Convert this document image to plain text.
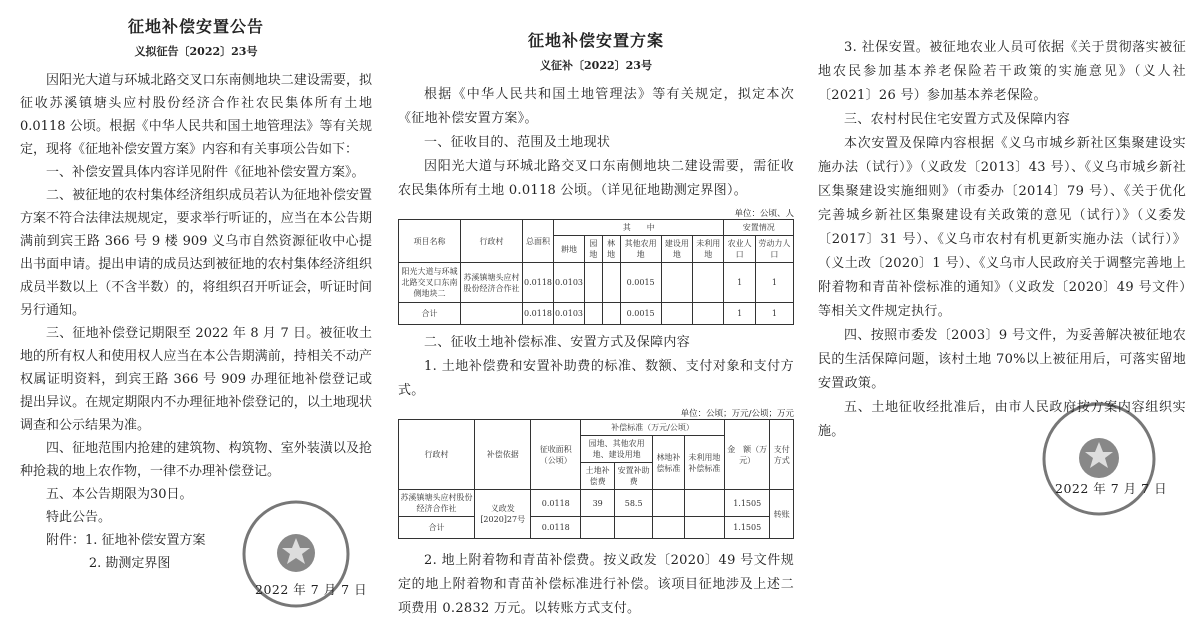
征地补偿安置公告
义拟征告〔2022〕23号

因阳光大道与环城北路交叉口东南侧地块二建设需要，拟征收苏溪镇塘头应村股份经济合作社农民集体所有土地 0.0118 公顷。根据《中华人民共和国土地管理法》等有关规定，现将《征地补偿安置方案》内容和有关事项公告如下：

一、补偿安置具体内容详见附件《征地补偿安置方案》。

二、被征地的农村集体经济组织成员若认为征地补偿安置方案不符合法律法规规定，要求举行听证的，应当在本公告期满前到宾王路 366 号 9 楼 909 义乌市自然资源征收中心提出书面申请。提出申请的成员达到被征地的农村集体经济组织成员半数以上（不含半数）的，将组织召开听证会，听证时间另行通知。

三、征地补偿登记期限至 2022 年 8 月 7 日。被征收土地的所有权人和使用权人应当在本公告期满前，持相关不动产权属证明资料，到宾王路 366 号 909 办理征地补偿登记或提出异议。在规定期限内不办理征地补偿登记的，以土地现状调查和公示结果为准。

四、征地范围内抢建的建筑物、构筑物、室外装潢以及抢种抢栽的地上农作物，一律不办理补偿登记。

五、本公告期限为30日。

特此公告。

附件：1. 征地补偿安置方案

2. 勘测定界图

2022 年 7 月 7 日
征地补偿安置方案
义征补〔2022〕23号

根据《中华人民共和国土地管理法》等有关规定，拟定本次《征地补偿安置方案》。

一、征收目的、范围及土地现状

因阳光大道与环城北路交叉口东南侧地块二建设需要，需征收农民集体所有土地 0.0118 公顷。（详见征地勘测定界图）。

单位：公顷、人
项目名称	行政村	总面积	其　　中						安置情况	
			耕地	园地	林地	其他农用地	建设用地	未利用地	农业人口	劳动力人口
阳光大道与环城北路交叉口东南侧地块二	苏溪镇塘头应村股份经济合作社	0.0118	0.0103			0.0015			1	1
合计		0.0118	0.0103			0.0015			1	1

二、征收土地补偿标准、安置方式及保障内容

1. 土地补偿费和安置补助费的标准、数额、支付对象和支付方式。

单位：公顷；万元/公顷；万元
行政村	补偿依据	征收面积（公顷）	补偿标准（万元/公顷）				金　额（万元）	支付方式
			园地、其他农用地、建设用地		林地补偿标准	未利用地补偿标准		
			土地补偿费	安置补助费				
苏溪镇塘头应村股份经济合作社	义政发[2020]27号	0.0118	39	58.5			1.1505	转账
合计		0.0118					1.1505	

2. 地上附着物和青苗补偿费。按义政发〔2020〕49 号文件规定的地上附着物和青苗补偿标准进行补偿。该项目征地涉及上述二项费用 0.2832 万元。以转账方式支付。

3. 社保安置。被征地农业人员可依据《关于贯彻落实被征地农民参加基本养老保险若干政策的实施意见》（义人社〔2021〕26 号）参加基本养老保险。

三、农村村民住宅安置方式及保障内容

本次安置及保障内容根据《义乌市城乡新社区集聚建设实施办法（试行）》（义政发〔2013〕43 号）、《义乌市城乡新社区集聚建设实施细则》（市委办〔2014〕79 号）、《关于优化完善城乡新社区集聚建设有关政策的意见（试行）》（义委发〔2017〕31 号）、《义乌市农村有机更新实施办法（试行）》（义土改〔2020〕1 号）、《义乌市人民政府关于调整完善地上附着物和青苗补偿标准的通知》（义政发〔2020〕49 号文件）等相关文件规定执行。

四、按照市委发〔2003〕9 号文件，为妥善解决被征地农民的生活保障问题，该村土地 70%以上被征用后，可落实留地安置政策。

五、土地征收经批准后，由市人民政府按方案内容组织实施。

2022 年 7 月 7 日
